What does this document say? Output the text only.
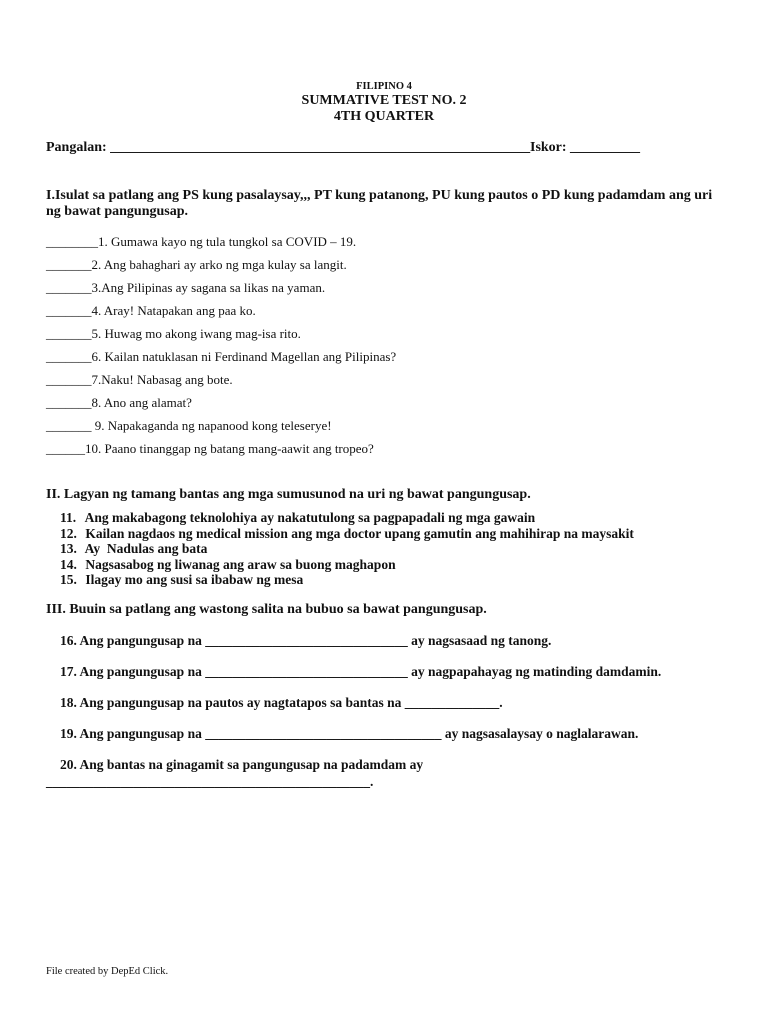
FILIPINO 4
SUMMATIVE TEST NO. 2
4TH QUARTER
Pangalan: ____________________________________________________________ Iskor: __________
I.Isulat sa patlang ang PS kung pasalaysay,,, PT kung patanong, PU kung pautos o PD kung padamdam ang uri ng bawat pangungusap.
________1. Gumawa kayo ng tula tungkol sa COVID – 19.
_______2. Ang bahaghari ay arko ng mga kulay sa langit.
_______3.Ang Pilipinas ay sagana sa likas na yaman.
_______4. Aray! Natapakan ang paa ko.
_______5. Huwag mo akong iwang mag-isa rito.
_______6. Kailan natuklasan ni Ferdinand Magellan ang Pilipinas?
_______7.Naku! Nabasag ang bote.
_______8. Ano ang alamat?
_______ 9. Napakaganda ng napanood kong teleserye!
______10. Paano tinanggap ng batang mang-aawit ang tropeo?
II. Lagyan ng tamang bantas ang mga sumusunod na uri ng bawat pangungusap.
11. Ang makabagong teknolohiya ay nakatutulong sa pagpapadali ng mga gawain
12. Kailan nagdaos ng medical mission ang mga doctor upang gamutin ang mahihirap na maysakit
13. Ay  Nadulas ang bata
14. Nagsasabog ng liwanag ang araw sa buong maghapon
15. Ilagay mo ang susi sa ibabaw ng mesa
III. Buuin sa patlang ang wastong salita na bubuo sa bawat pangungusap.
16. Ang pangungusap na ______________________________ ay nagsasaad ng tanong.
17. Ang pangungusap na ______________________________ ay nagpapahayag ng matinding damdamin.
18. Ang pangungusap na pautos ay nagtatapos sa bantas na ______________.
19. Ang pangungusap na ___________________________________ ay nagsasalaysay o naglalarawan.
20. Ang bantas na ginagamit sa pangungusap na padamdam ay
________________________________________________.
File created by DepEd Click.
